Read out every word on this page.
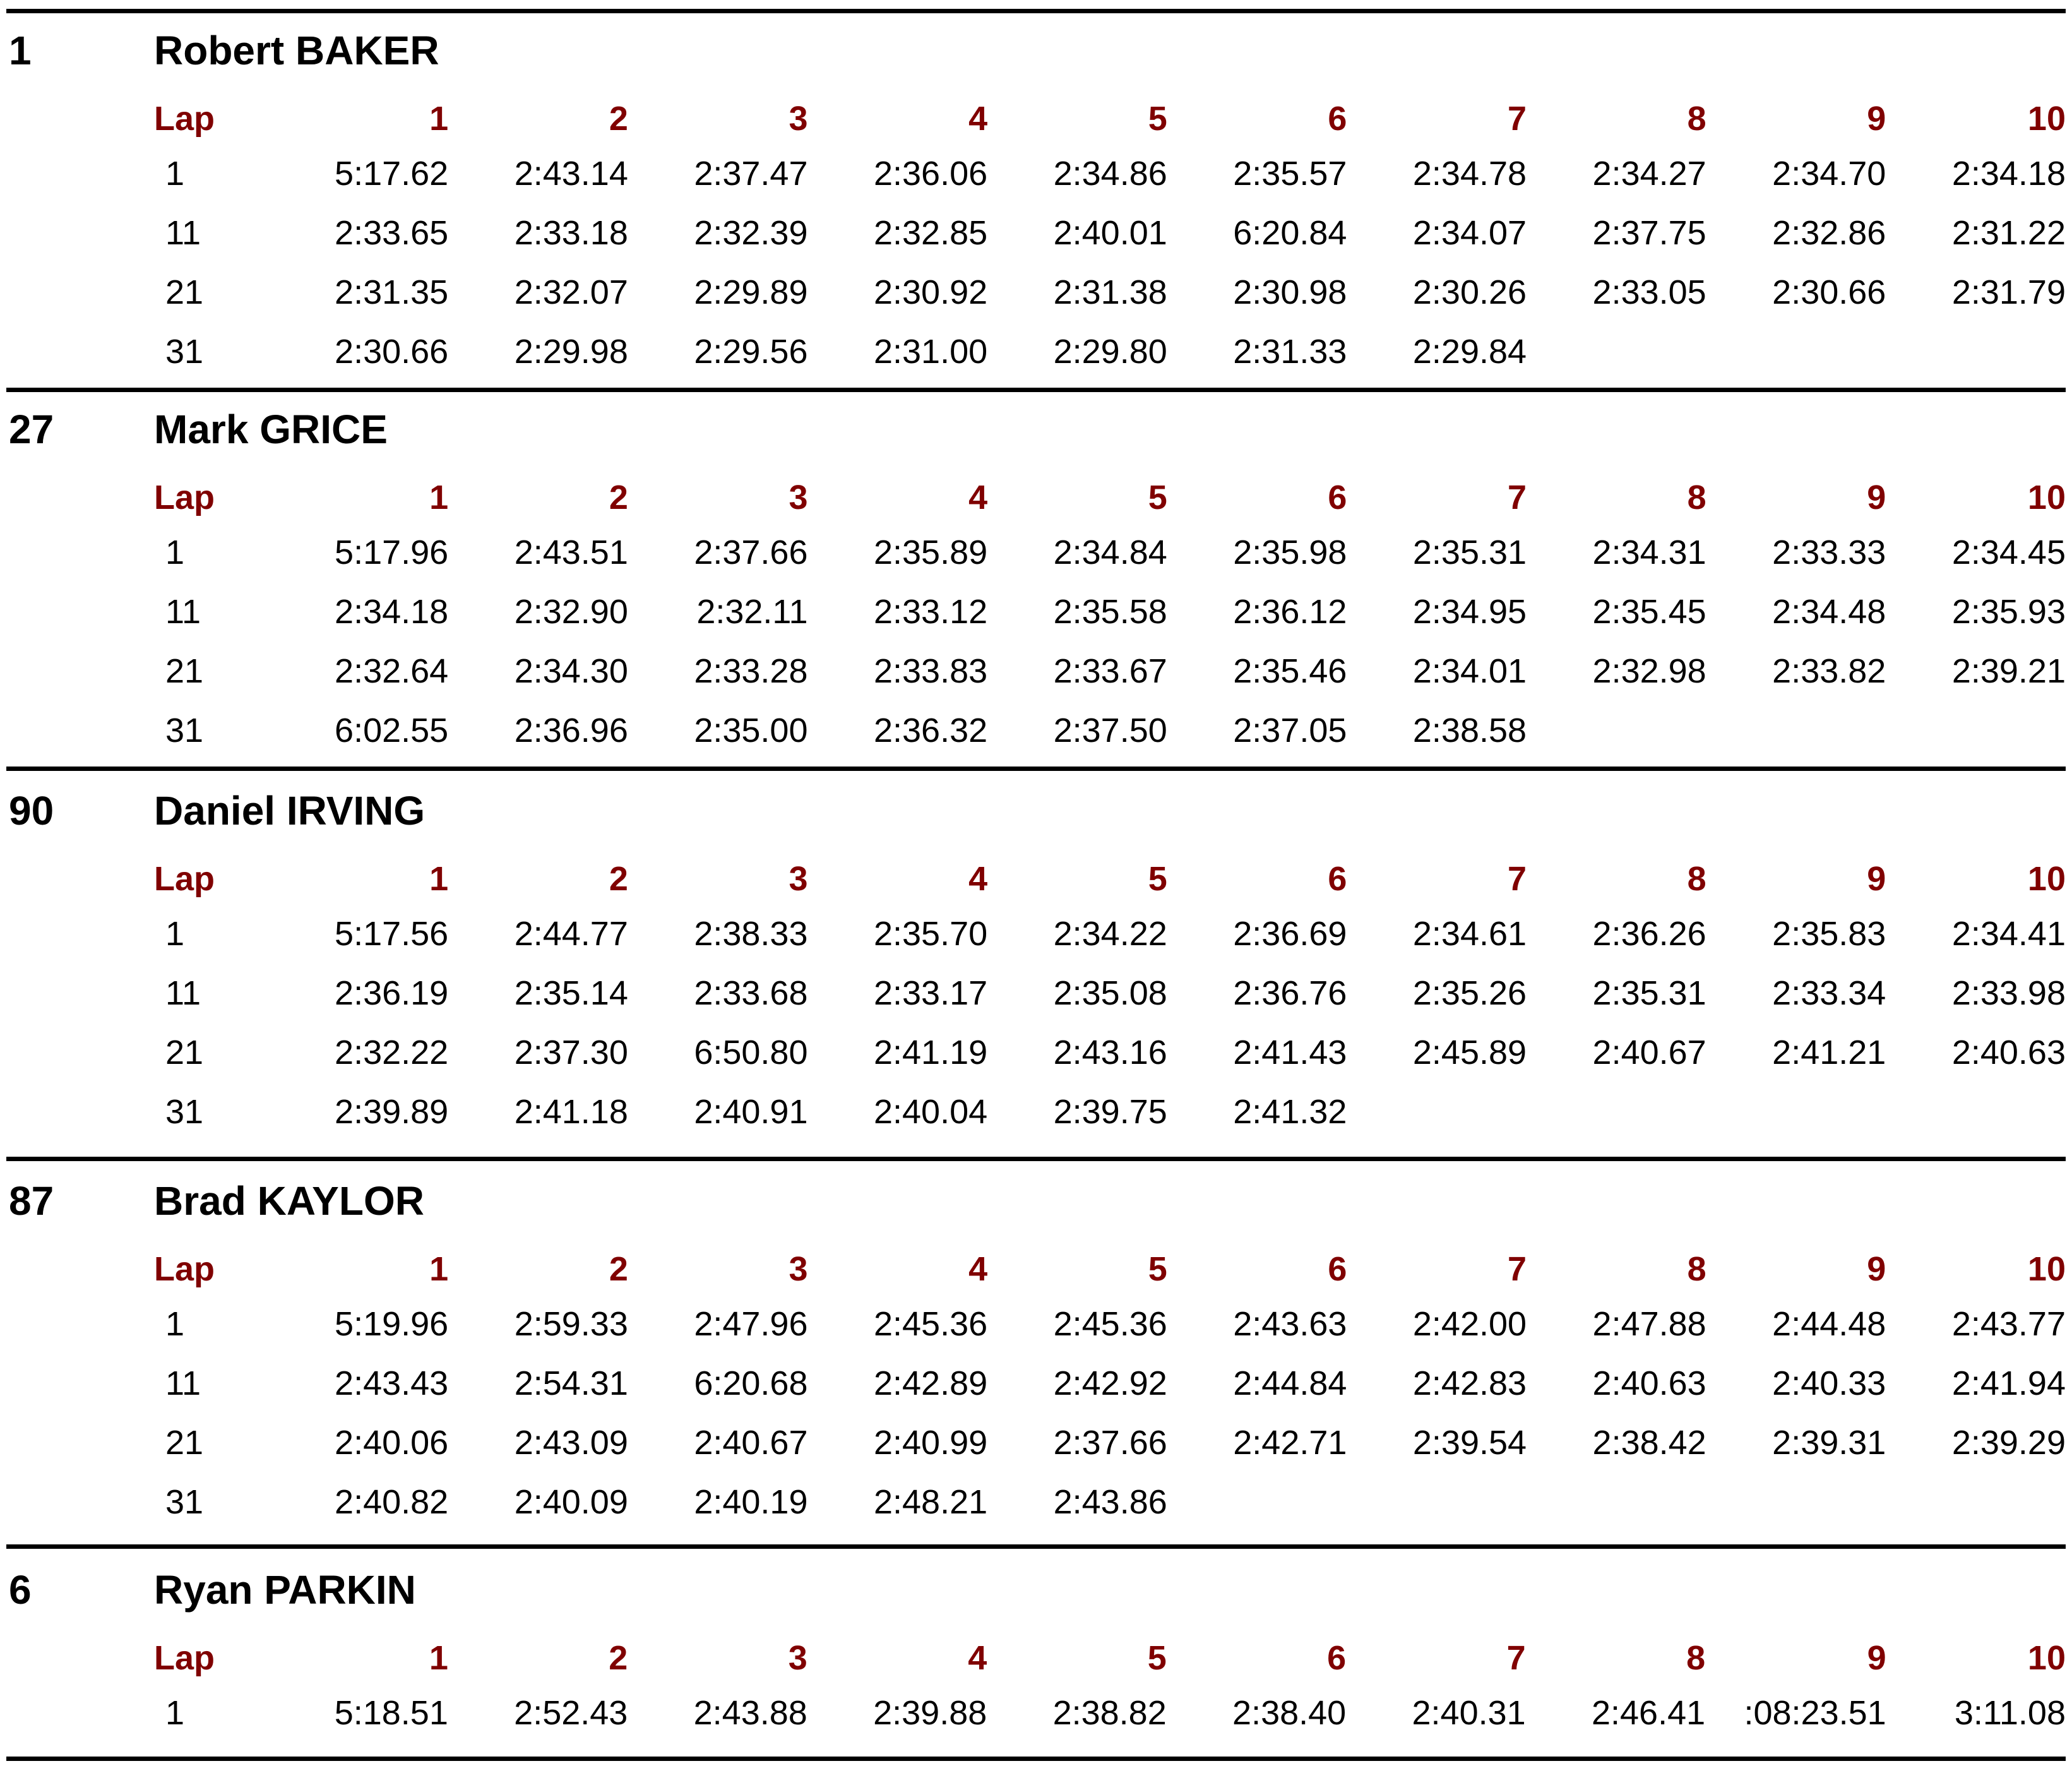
1	Robert BAKER
Lap	1	2	3	4	5	6	7	8	9	10
1	5:17.62	2:43.14	2:37.47	2:36.06	2:34.86	2:35.57	2:34.78	2:34.27	2:34.70	2:34.18
11	2:33.65	2:33.18	2:32.39	2:32.85	2:40.01	6:20.84	2:34.07	2:37.75	2:32.86	2:31.22
21	2:31.35	2:32.07	2:29.89	2:30.92	2:31.38	2:30.98	2:30.26	2:33.05	2:30.66	2:31.79
31	2:30.66	2:29.98	2:29.56	2:31.00	2:29.80	2:31.33	2:29.84			
27 Mark GRICE
Lap	1	2	3	4	5	6	7	8	9	10
1	5:17.96	2:43.51	2:37.66	2:35.89	2:34.84	2:35.98	2:35.31	2:34.31	2:33.33	2:34.45
11	2:34.18	2:32.90	2:32.11	2:33.12	2:35.58	2:36.12	2:34.95	2:35.45	2:34.48	2:35.93
21	2:32.64	2:34.30	2:33.28	2:33.83	2:33.67	2:35.46	2:34.01	2:32.98	2:33.82	2:39.21
31	6:02.55	2:36.96	2:35.00	2:36.32	2:37.50	2:37.05	2:38.58			
90 Daniel IRVING
Lap	1	2	3	4	5	6	7	8	9	10
1	5:17.56	2:44.77	2:38.33	2:35.70	2:34.22	2:36.69	2:34.61	2:36.26	2:35.83	2:34.41
11	2:36.19	2:35.14	2:33.68	2:33.17	2:35.08	2:36.76	2:35.26	2:35.31	2:33.34	2:33.98
21	2:32.22	2:37.30	6:50.80	2:41.19	2:43.16	2:41.43	2:45.89	2:40.67	2:41.21	2:40.63
31	2:39.89	2:41.18	2:40.91	2:40.04	2:39.75	2:41.32				
87 Brad KAYLOR
Lap	1	2	3	4	5	6	7	8	9	10
1	5:19.96	2:59.33	2:47.96	2:45.36	2:45.36	2:43.63	2:42.00	2:47.88	2:44.48	2:43.77
11	2:43.43	2:54.31	6:20.68	2:42.89	2:42.92	2:44.84	2:42.83	2:40.63	2:40.33	2:41.94
21	2:40.06	2:43.09	2:40.67	2:40.99	2:37.66	2:42.71	2:39.54	2:38.42	2:39.31	2:39.29
31	2:40.82	2:40.09	2:40.19	2:48.21	2:43.86					
6	Ryan PARKIN
Lap	1	2	3	4	5	6	7	8	9	10
1	5:18.51	2:52.43	2:43.88	2:39.88	2:38.82	2:38.40	2:40.31	2:46.41	:08:23.51	3:11.08
